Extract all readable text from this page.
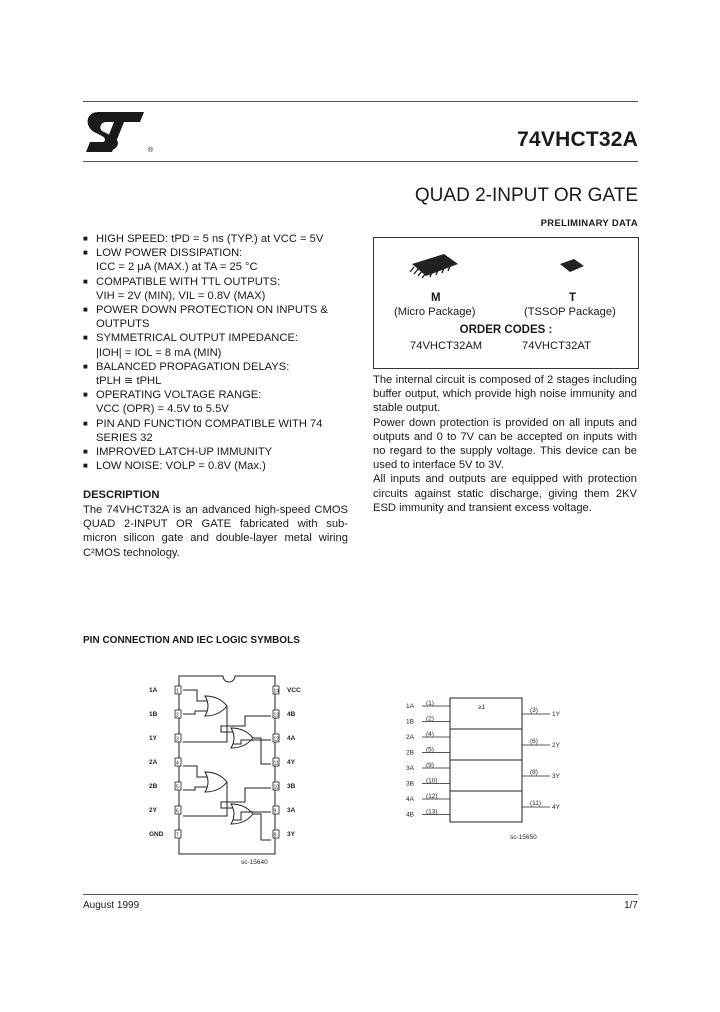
®	74VHCT32A
QUAD 2-INPUT OR GATE
PRELIMINARY DATA
■ HIGH SPEED: tPD = 5 ns (TYP.) at VCC = 5V
■ LOW POWER DISSIPATION:
ICC = 2 μA (MAX.) at TA = 25 °C
■ COMPATIBLE WITH TTL OUTPUTS:
VIH = 2V (MIN), VIL = 0.8V (MAX)
■ POWER DOWN PROTECTION ON INPUTS & OUTPUTS
■ SYMMETRICAL OUTPUT IMPEDANCE:
|IOH| = IOL = 8 mA (MIN)
■ BALANCED PROPAGATION DELAYS:
tPLH ≅ tPHL
■ OPERATING VOLTAGE RANGE:
VCC (OPR) = 4.5V to 5.5V
■ PIN AND FUNCTION COMPATIBLE WITH 74 SERIES 32
■ IMPROVED LATCH-UP IMMUNITY
■ LOW NOISE: VOLP = 0.8V (Max.)
DESCRIPTION
The 74VHCT32A is an advanced high-speed CMOS QUAD 2-INPUT OR GATE fabricated with sub-micron silicon gate and double-layer metal wiring C²MOS technology.
M	T
(Micro Package)	(TSSOP Package)
ORDER CODES :
74VHCT32AM	74VHCT32AT

The internal circuit is composed of 2 stages including buffer output, which provide high noise immunity and stable output.

Power down protection is provided on all inputs and outputs and 0 to 7V can be accepted on inputs with no regard to the supply voltage. This device can be used to interface 5V to 3V.

All inputs and outputs are equipped with protection circuits against static discharge, giving them 2KV ESD immunity and transient excess voltage.

PIN CONNECTION AND IEC LOGIC SYMBOLS
1A	1
1B	2
1Y	3
2A	4
2B	5
2Y	6
GND	7
14 VCC
13 4B
12 4A
11 4Y
10 3B
9 3A
8 3Y
sc-15640
≥1
1A (1)
1B (2)
2A (4)
2B (5)
3A (9)
3B (10)
4A (12)
4B (13)
(3)
1Y
(6)
2Y
(8)
3Y
(11)
4Y
sc-15650
August 1999	1/7
